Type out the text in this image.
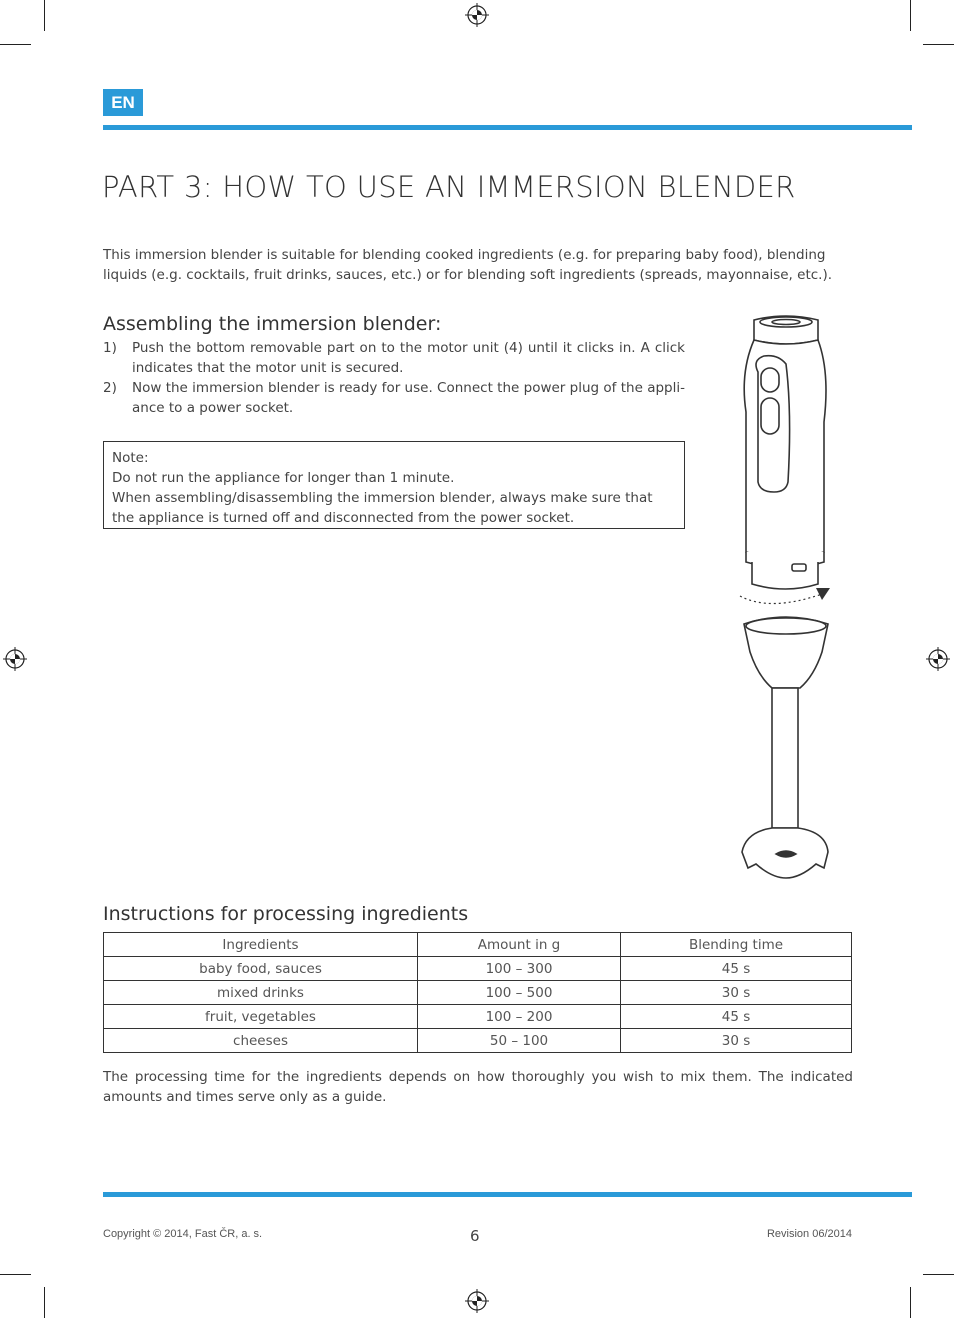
EN
PART 3: HOW TO USE AN IMMERSION BLENDER
This immersion blender is suitable for blending cooked ingredients (e.g. for preparing baby food), blending liquids (e.g. cocktails, fruit drinks, sauces, etc.) or for blending soft ingredients (spreads, mayonnaise, etc.).
Assembling the immersion blender:
1) Push the bottom removable part on to the motor unit (4) until it clicks in. A click indicates that the motor unit is secured.
2) Now the immersion blender is ready for use. Connect the power plug of the appli-ance to a power socket.
Note:
Do not run the appliance for longer than 1 minute.
When assembling/disassembling the immersion blender, always make sure that the appliance is turned off and disconnected from the power socket.
Instructions for processing ingredients
Ingredients	Amount in g	Blending time
baby food, sauces	100 – 300	45 s
mixed drinks	100 – 500	30 s
fruit, vegetables	100 – 200	45 s
cheeses	50 – 100	30 s
The processing time for the ingredients depends on how thoroughly you wish to mix them. The indicated amounts and times serve only as a guide.
Copyright © 2014, Fast ČR, a. s.	6	Revision 06/2014
